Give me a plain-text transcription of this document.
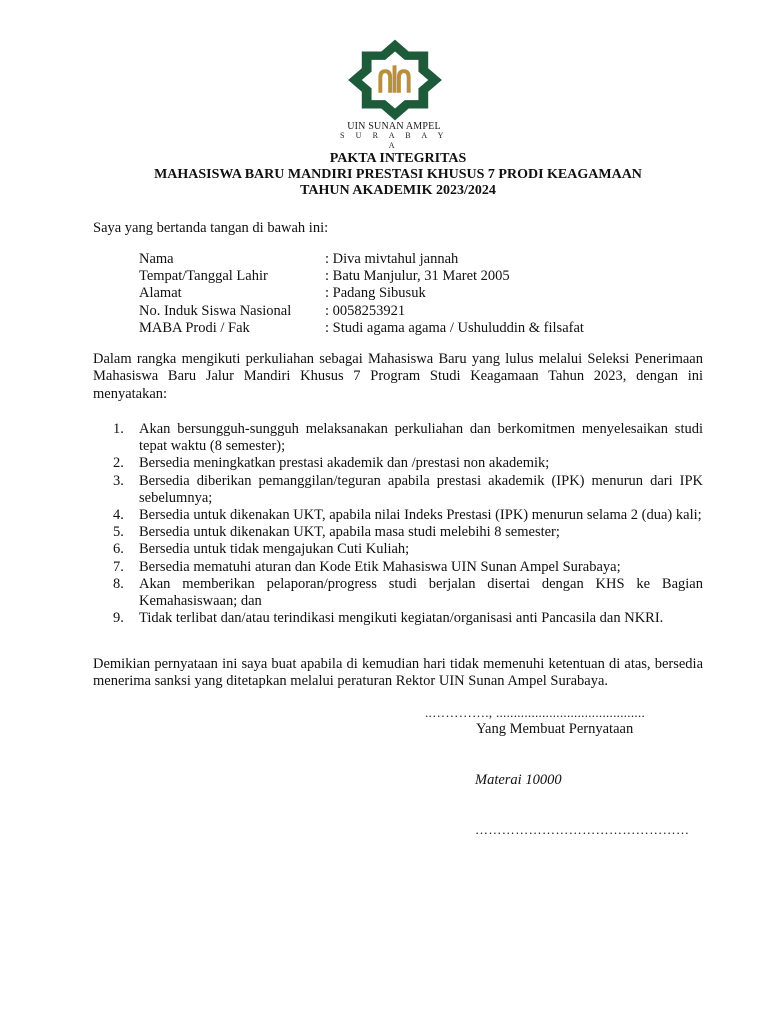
UIN SUNAN AMPEL
S U R A B A Y A
PAKTA INTEGRITAS
MAHASISWA BARU MANDIRI PRESTASI KHUSUS 7 PRODI KEAGAMAAN
TAHUN AKADEMIK 2023/2024
Saya yang bertanda tangan di bawah ini:
Nama	: Diva mivtahul jannah
Tempat/Tanggal Lahir	: Batu Manjulur, 31 Maret 2005
Alamat	: Padang Sibusuk
No. Induk Siswa Nasional	: 0058253921
MABA Prodi / Fak	: Studi agama agama / Ushuluddin & filsafat
Dalam rangka mengikuti perkuliahan sebagai Mahasiswa Baru yang lulus melalui Seleksi Penerimaan Mahasiswa Baru Jalur Mandiri Khusus 7 Program Studi Keagamaan Tahun 2023, dengan ini menyatakan:
1.	Akan bersungguh-sungguh melaksanakan perkuliahan dan berkomitmen menyelesaikan studi tepat waktu (8 semester);
2.	Bersedia meningkatkan prestasi akademik dan /prestasi non akademik;
3.	Bersedia diberikan pemanggilan/teguran apabila prestasi akademik (IPK) menurun dari IPK sebelumnya;
4.	Bersedia untuk dikenakan UKT, apabila nilai Indeks Prestasi (IPK) menurun selama 2 (dua) kali;
5.	Bersedia untuk dikenakan UKT, apabila masa studi melebihi 8 semester;
6.	Bersedia untuk tidak mengajukan Cuti Kuliah;
7.	Bersedia mematuhi aturan dan Kode Etik Mahasiswa UIN Sunan Ampel Surabaya;
8.	Akan memberikan pelaporan/progress studi berjalan disertai dengan KHS ke Bagian Kemahasiswaan; dan
9.	Tidak terlibat dan/atau terindikasi mengikuti kegiatan/organisasi anti Pancasila dan NKRI.
Demikian pernyataan ini saya buat apabila di kemudian hari tidak memenuhi ketentuan di atas, bersedia menerima sanksi yang ditetapkan melalui peraturan Rektor UIN Sunan Ampel Surabaya.
..…………., ..........................................
Yang Membuat Pernyataan
Materai 10000
…………………………………………
